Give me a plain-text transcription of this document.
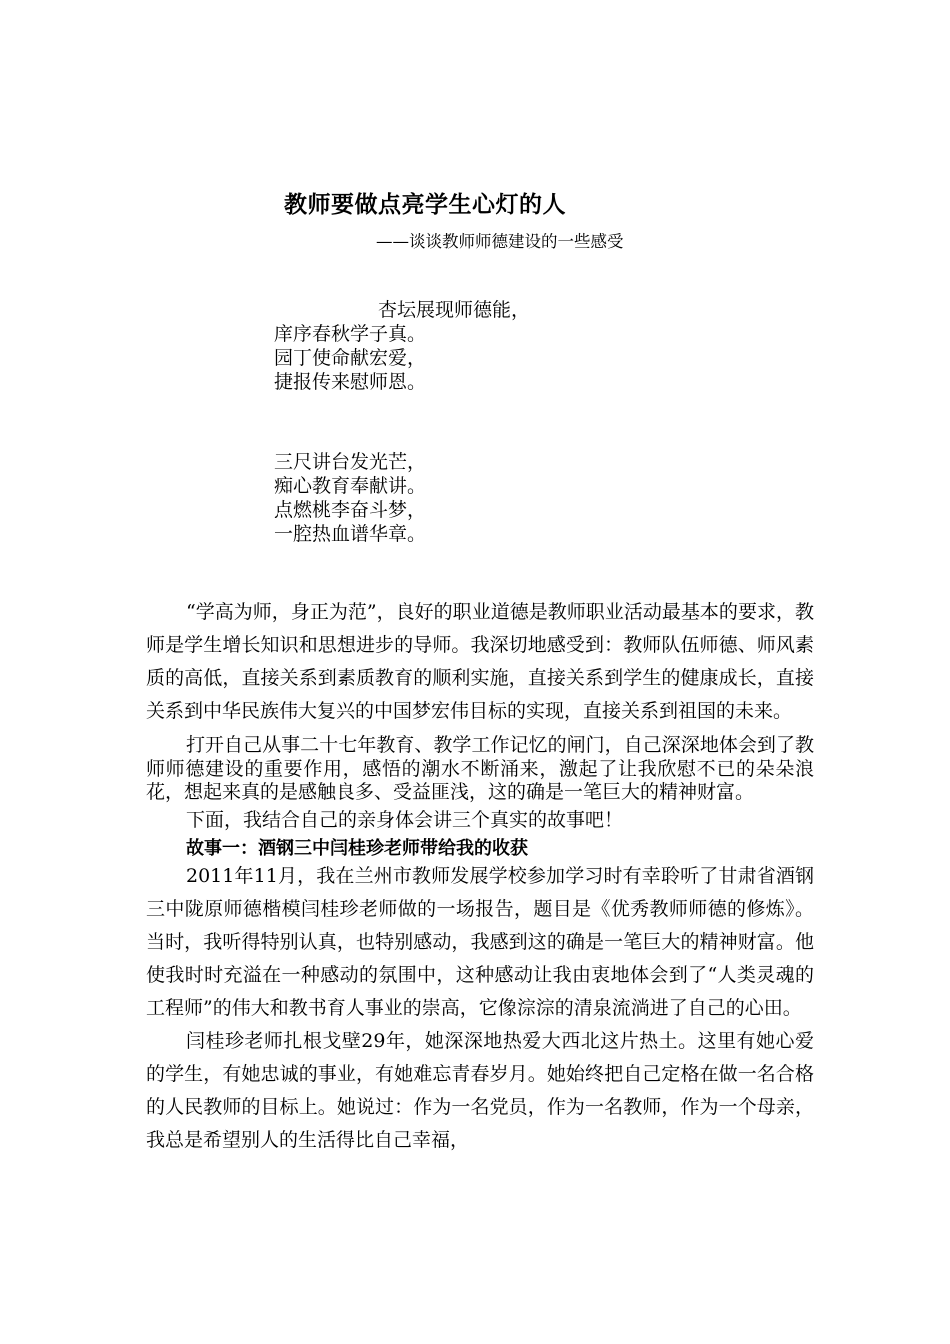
教师要做点亮学生心灯的人
——谈谈教师师德建设的一些感受
杏坛展现师德能，
庠序春秋学子真。
园丁使命献宏爱，
捷报传来慰师恩。
三尺讲台发光芒，
痴心教育奉献讲。
点燃桃李奋斗梦，
一腔热血谱华章。

“学高为师，身正为范”，良好的职业道德是教师职业活动最基本的要求，教师是学生增长知识和思想进步的导师。我深切地感受到：教师队伍师德、师风素质的高低，直接关系到素质教育的顺利实施，直接关系到学生的健康成长，直接关系到中华民族伟大复兴的中国梦宏伟目标的实现，直接关系到祖国的未来。

打开自己从事二十七年教育、教学工作记忆的闸门，自己深深地体会到了教师师德建设的重要作用，感悟的潮水不断涌来，激起了让我欣慰不已的朵朵浪花，想起来真的是感触良多、受益匪浅，这的确是一笔巨大的精神财富。

下面，我结合自己的亲身体会讲三个真实的故事吧！

故事一：酒钢三中闫桂珍老师带给我的收获

2011年11月，我在兰州市教师发展学校参加学习时有幸聆听了甘肃省酒钢三中陇原师德楷模闫桂珍老师做的一场报告，题目是《优秀教师师德的修炼》。当时，我听得特别认真，也特别感动，我感到这的确是一笔巨大的精神财富。他使我时时充溢在一种感动的氛围中，这种感动让我由衷地体会到了“人类灵魂的工程师”的伟大和教书育人事业的崇高，它像淙淙的清泉流淌进了自己的心田。

闫桂珍老师扎根戈壁29年，她深深地热爱大西北这片热土。这里有她心爱的学生，有她忠诚的事业，有她难忘青春岁月。她始终把自己定格在做一名合格的人民教师的目标上。她说过：作为一名党员，作为一名教师，作为一个母亲，我总是希望别人的生活得比自己幸福，
